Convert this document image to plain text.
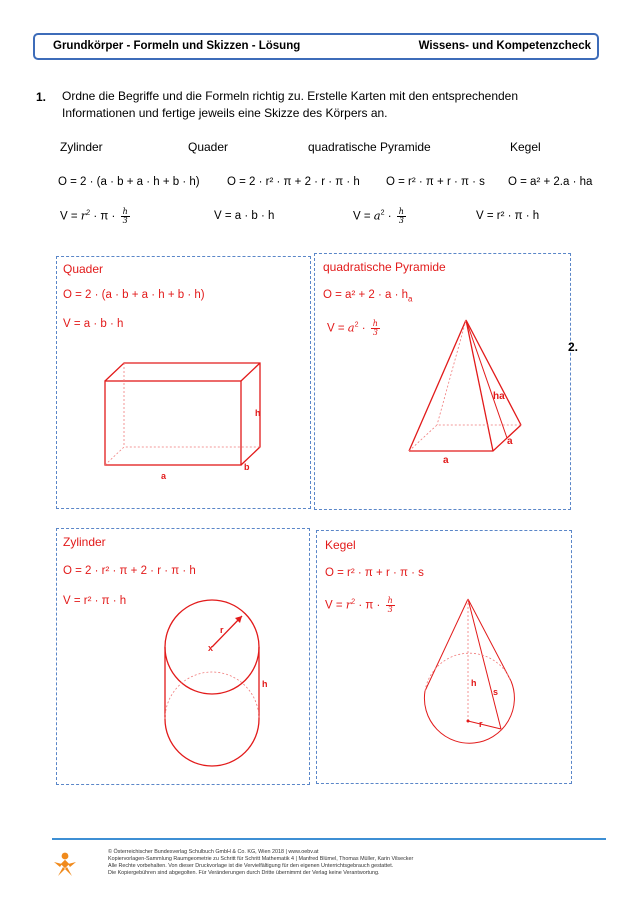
Grundkörper - Formeln und Skizzen - Lösung	Wissens- und Kompetenzcheck
1. Ordne die Begriffe und die Formeln richtig zu. Erstelle Karten mit den entsprechenden Informationen und fertige jeweils eine Skizze des Körpers an.
Zylinder	Quader	quadratische Pyramide	Kegel
O = 2 · (a · b + a · h + b · h) O = 2 · r² · π + 2 · r · π · h O = r² · π + r · π · s O = a² + 2.a · ha
$V = r^2 \cdot \pi \cdot \frac{h}{3}$	V = a · b · h	$V = a^2 \cdot \frac{h}{3}$	V = r² · π · h
Quader
O = 2 · (a · b + a · h + b · h)
V = a · b · h
a
b
h
quadratische Pyramide
$O = a^2 + 2 \cdot a \cdot h_a$
$V = a^2 \cdot \frac{h}{3}$
ha
a
a
2.
Zylinder
O = 2 · r² · π + 2 · r · π · h
V = r² · π · h
x
r
h
Kegel
O = r² · π + r · π · s
$V = r^2 \cdot \pi \cdot \frac{h}{3}$
h
s
r
© Österreichischer Bundesverlag Schulbuch GmbH & Co. KG, Wien 2018 | www.oebv.at
Kopiervorlagen-Sammlung Raumgeometrie zu Schritt für Schritt Mathematik 4 | Manfred Blümel, Thomas Müller, Karin Vilsecker
Alle Rechte vorbehalten. Von dieser Druckvorlage ist die Vervielfältigung für den eigenen Unterrichtsgebrauch gestattet.
Die Kopiergebühren sind abgegolten. Für Veränderungen durch Dritte übernimmt der Verlag keine Verantwortung.
